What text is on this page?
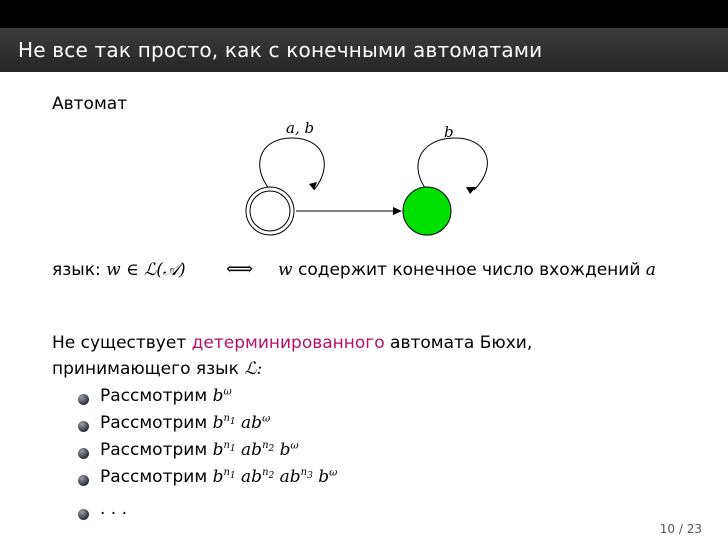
Не все так просто, как с конечными автоматами
Автомат
a, b	b
язык: w ∈ ℒ(𝒜) ⟺ w содержит конечное число вхождений a
Не существует детерминированного автомата Бюхи,
принимающего язык ℒ:
Рассмотрим $b^\omega$
Рассмотрим $b^{n_1}$ $ab^\omega$
Рассмотрим $b^{n_1}$ $ab^{n_2}$ $b^\omega$
Рассмотрим $b^{n_1}$ $ab^{n_2}$ $ab^{n_3}$ $b^\omega$
. . .
10 / 23
